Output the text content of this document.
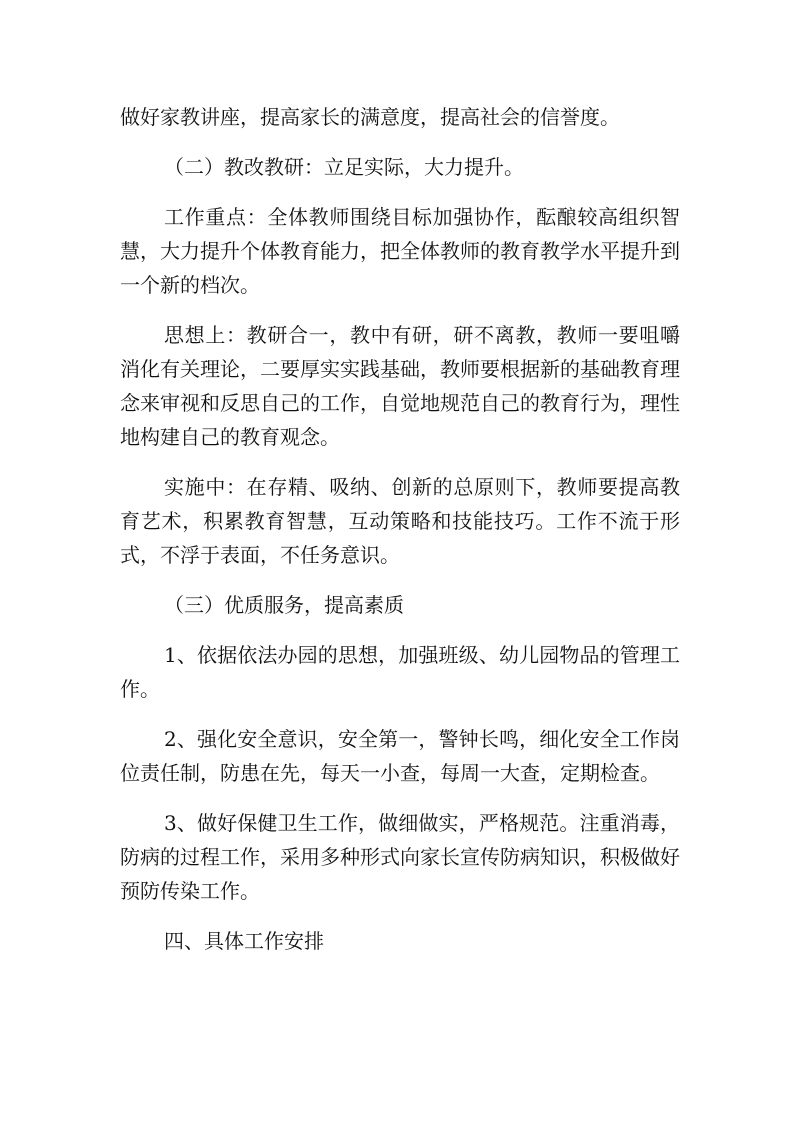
做好家教讲座，提高家长的满意度，提高社会的信誉度。

（二）教改教研：立足实际，大力提升。

工作重点：全体教师围绕目标加强协作，酝酿较高组织智慧，大力提升个体教育能力，把全体教师的教育教学水平提升到一个新的档次。

思想上：教研合一，教中有研，研不离教，教师一要咀嚼消化有关理论，二要厚实实践基础，教师要根据新的基础教育理念来审视和反思自己的工作，自觉地规范自己的教育行为，理性地构建自己的教育观念。

实施中：在存精、吸纳、创新的总原则下，教师要提高教育艺术，积累教育智慧，互动策略和技能技巧。工作不流于形式，不浮于表面，不任务意识。

（三）优质服务，提高素质

1、依据依法办园的思想，加强班级、幼儿园物品的管理工作。

2、强化安全意识，安全第一，警钟长鸣，细化安全工作岗位责任制，防患在先，每天一小查，每周一大查，定期检查。

3、做好保健卫生工作，做细做实，严格规范。注重消毒，防病的过程工作，采用多种形式向家长宣传防病知识，积极做好预防传染工作。

四、具体工作安排
